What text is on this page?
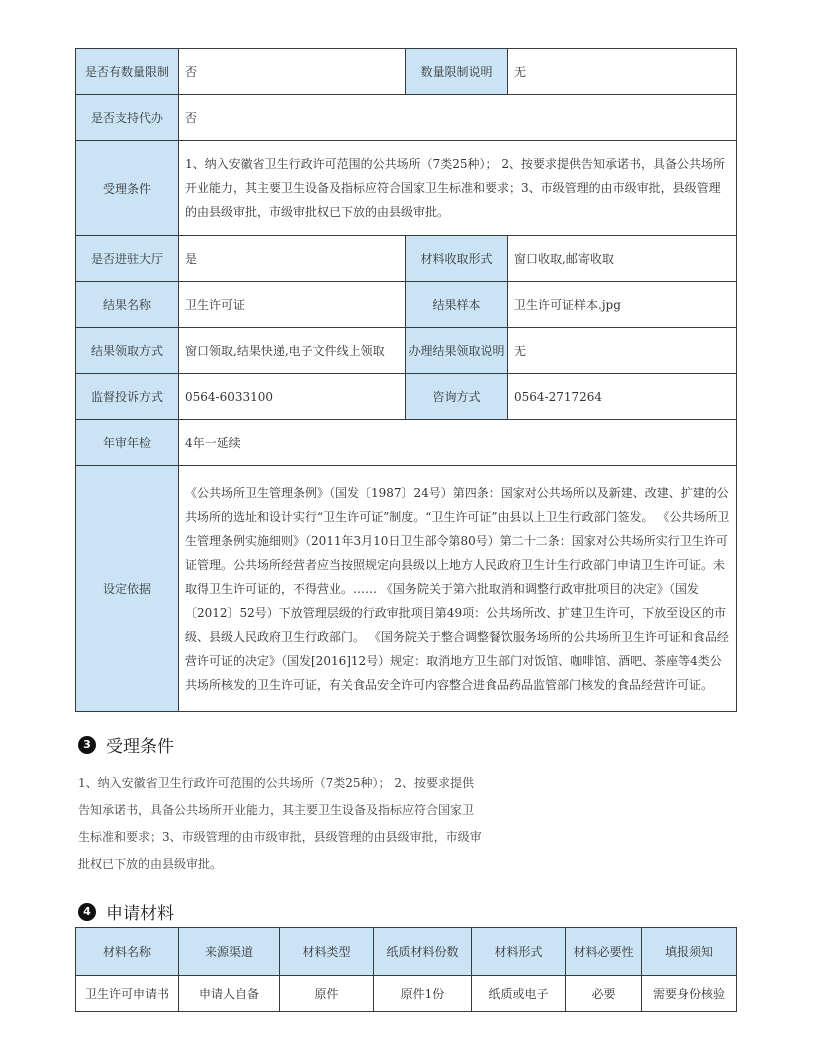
是否有数量限制	否	数量限制说明	无
是否支持代办	否		
受理条件	1、纳入安徽省卫生行政许可范围的公共场所（7类25种）； 2、按要求提供告知承诺书，具备公共场所开业能力，其主要卫生设备及指标应符合国家卫生标准和要求；3、市级管理的由市级审批，县级管理的由县级审批，市级审批权已下放的由县级审批。		
是否进驻大厅	是	材料收取形式	窗口收取,邮寄收取
结果名称	卫生许可证	结果样本	卫生许可证样本.jpg
结果领取方式	窗口领取,结果快递,电子文件线上领取	办理结果领取说明	无
监督投诉方式	0564-6033100	咨询方式	0564-2717264
年审年检	4年一延续		
设定依据	《公共场所卫生管理条例》（国发〔1987〕24号）第四条：国家对公共场所以及新建、改建、扩建的公共场所的选址和设计实行“卫生许可证”制度。“卫生许可证”由县以上卫生行政部门签发。 《公共场所卫生管理条例实施细则》（2011年3月10日卫生部令第80号）第二十二条：国家对公共场所实行卫生许可证管理。公共场所经营者应当按照规定向县级以上地方人民政府卫生计生行政部门申请卫生许可证。未取得卫生许可证的，不得营业。…… 《国务院关于第六批取消和调整行政审批项目的决定》（国发〔2012〕52号）下放管理层级的行政审批项目第49项：公共场所改、扩建卫生许可，下放至设区的市级、县级人民政府卫生行政部门。 《国务院关于整合调整餐饮服务场所的公共场所卫生许可证和食品经营许可证的决定》（国发[2016]12号）规定：取消地方卫生部门对饭馆、咖啡馆、酒吧、茶座等4类公共场所核发的卫生许可证，有关食品安全许可内容整合进食品药品监管部门核发的食品经营许可证。		
3 受理条件
1、纳入安徽省卫生行政许可范围的公共场所（7类25种）； 2、按要求提供告知承诺书，具备公共场所开业能力，其主要卫生设备及指标应符合国家卫生标准和要求；3、市级管理的由市级审批，县级管理的由县级审批，市级审批权已下放的由县级审批。
4 申请材料
材料名称	来源渠道	材料类型	纸质材料份数	材料形式	材料必要性	填报须知
卫生许可申请书	申请人自备	原件	原件1份	纸质或电子	必要	需要身份核验
